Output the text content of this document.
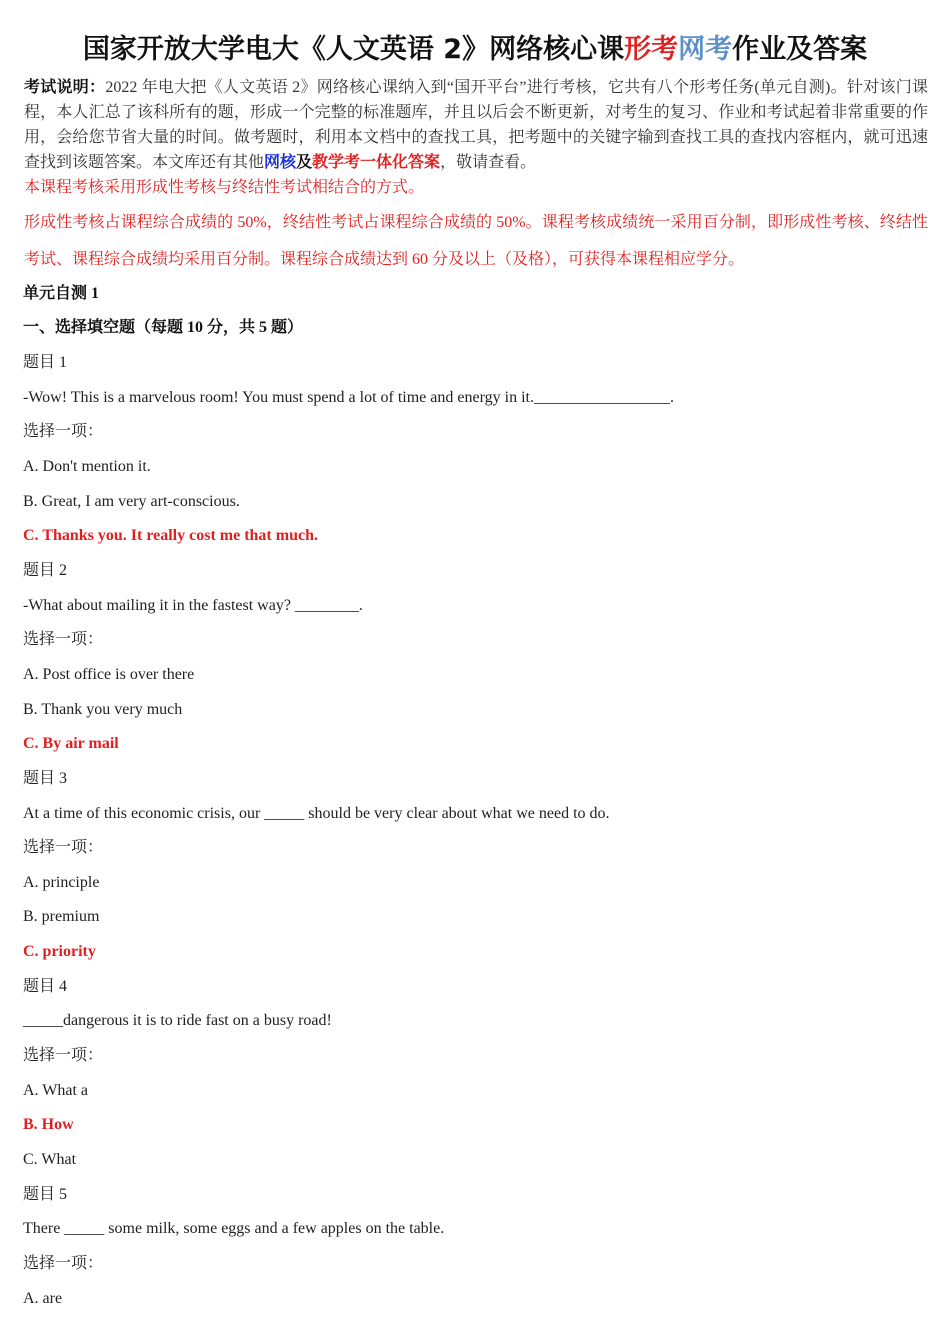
国家开放大学电大《人文英语 2》网络核心课形考网考作业及答案
考试说明：2022 年电大把《人文英语 2》网络核心课纳入到“国开平台”进行考核，它共有八个形考任务(单元自测)。针对该门课程，本人汇总了该科所有的题，形成一个完整的标准题库，并且以后会不断更新，对考生的复习、作业和考试起着非常重要的作用，会给您节省大量的时间。做考题时，利用本文档中的查找工具，把考题中的关键字输到查找工具的查找内容框内，就可迅速查找到该题答案。本文库还有其他网核及教学考一体化答案，敬请查看。
本课程考核采用形成性考核与终结性考试相结合的方式。
形成性考核占课程综合成绩的 50%，终结性考试占课程综合成绩的 50%。课程考核成绩统一采用百分制，即形成性考核、终结性考试、课程综合成绩均采用百分制。课程综合成绩达到 60 分及以上（及格），可获得本课程相应学分。
单元自测 1
一、选择填空题（每题 10 分，共 5 题）
题目 1
-Wow! This is a marvelous room! You must spend a lot of time and energy in it._________________.
选择一项：
A. Don't mention it.
B. Great, I am very art-conscious.
C. Thanks you. It really cost me that much.
题目 2
-What about mailing it in the fastest way? ________.
选择一项：
A. Post office is over there
B. Thank you very much
C. By air mail
题目 3
At a time of this economic crisis, our _____ should be very clear about what we need to do.
选择一项：
A. principle
B. premium
C. priority
题目 4
_____dangerous it is to ride fast on a busy road!
选择一项：
A. What a
B. How
C. What
题目 5
There _____ some milk, some eggs and a few apples on the table.
选择一项：
A. are
